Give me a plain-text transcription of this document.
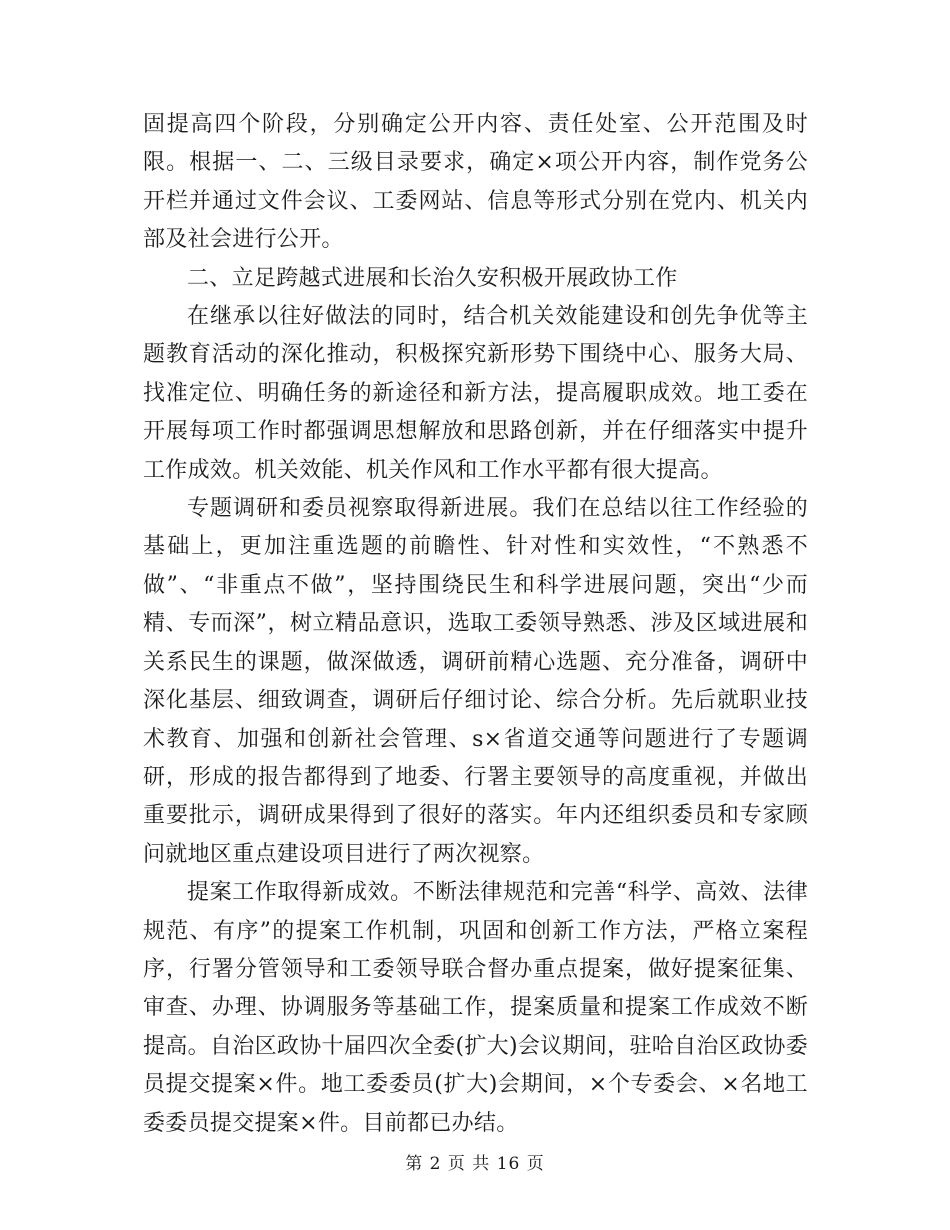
固提高四个阶段，分别确定公开内容、责任处室、公开范围及时限。根据一、二、三级目录要求，确定×项公开内容，制作党务公开栏并通过文件会议、工委网站、信息等形式分别在党内、机关内部及社会进行公开。

二、立足跨越式进展和长治久安积极开展政协工作

在继承以往好做法的同时，结合机关效能建设和创先争优等主题教育活动的深化推动，积极探究新形势下围绕中心、服务大局、找准定位、明确任务的新途径和新方法，提高履职成效。地工委在开展每项工作时都强调思想解放和思路创新，并在仔细落实中提升工作成效。机关效能、机关作风和工作水平都有很大提高。

专题调研和委员视察取得新进展。我们在总结以往工作经验的基础上，更加注重选题的前瞻性、针对性和实效性，“不熟悉不做”、“非重点不做”，坚持围绕民生和科学进展问题，突出“少而精、专而深”，树立精品意识，选取工委领导熟悉、涉及区域进展和关系民生的课题，做深做透，调研前精心选题、充分准备，调研中深化基层、细致调查，调研后仔细讨论、综合分析。先后就职业技术教育、加强和创新社会管理、s×省道交通等问题进行了专题调研，形成的报告都得到了地委、行署主要领导的高度重视，并做出重要批示，调研成果得到了很好的落实。年内还组织委员和专家顾问就地区重点建设项目进行了两次视察。

提案工作取得新成效。不断法律规范和完善“科学、高效、法律规范、有序”的提案工作机制，巩固和创新工作方法，严格立案程序，行署分管领导和工委领导联合督办重点提案，做好提案征集、审查、办理、协调服务等基础工作，提案质量和提案工作成效不断提高。自治区政协十届四次全委(扩大)会议期间，驻哈自治区政协委员提交提案×件。地工委委员(扩大)会期间，×个专委会、×名地工委委员提交提案×件。目前都已办结。

第 2 页 共 16 页
